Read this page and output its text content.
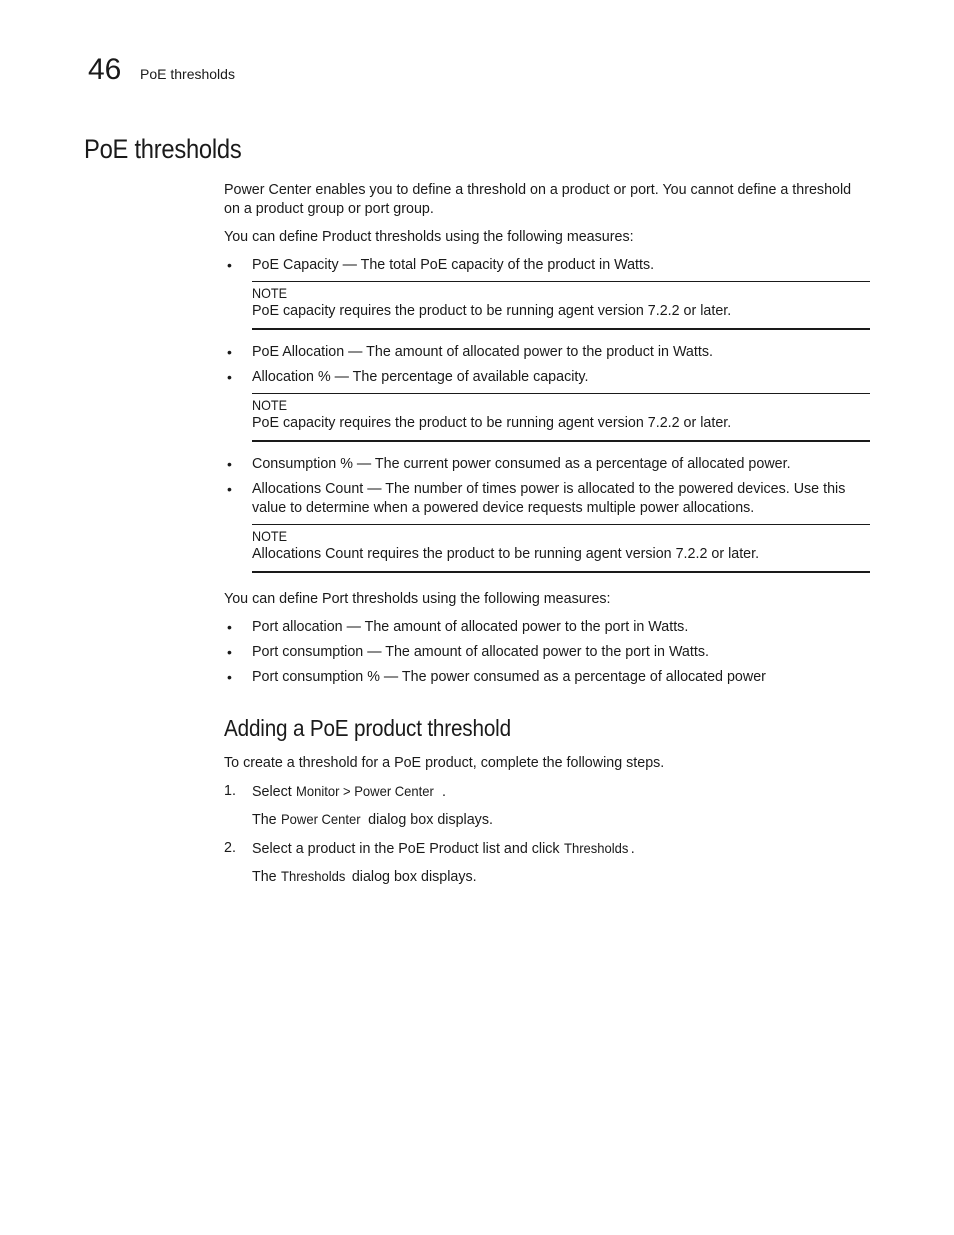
46 PoE thresholds
PoE thresholds

Power Center enables you to define a threshold on a product or port. You cannot define a threshold on a product group or port group.

You can define Product thresholds using the following measures:

• PoE Capacity — The total PoE capacity of the product in Watts.
NOTE
PoE capacity requires the product to be running agent version 7.2.2 or later.
• PoE Allocation — The amount of allocated power to the product in Watts.
• Allocation % — The percentage of available capacity.
NOTE
PoE capacity requires the product to be running agent version 7.2.2 or later.
• Consumption % — The current power consumed as a percentage of allocated power.
• Allocations Count — The number of times power is allocated to the powered devices. Use this value to determine when a powered device requests multiple power allocations.
NOTE
Allocations Count requires the product to be running agent version 7.2.2 or later.

You can define Port thresholds using the following measures:

• Port allocation — The amount of allocated power to the port in Watts.
• Port consumption — The amount of allocated power to the port in Watts.
• Port consumption % — The power consumed as a percentage of allocated power
Adding a PoE product threshold

To create a threshold for a PoE product, complete the following steps.

1. Select Monitor > Power Center .
The Power Center dialog box displays.
2. Select a product in the PoE Product list and click Thresholds .
The Thresholds dialog box displays.
